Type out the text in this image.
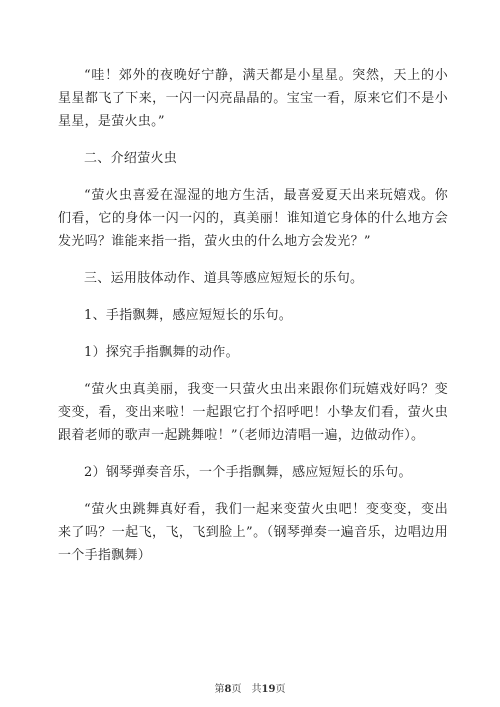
“哇！郊外的夜晚好宁静，满天都是小星星。突然，天上的小星星都飞了下来，一闪一闪亮晶晶的。宝宝一看，原来它们不是小星星，是萤火虫。”

二、介绍萤火虫

“萤火虫喜爱在湿湿的地方生活，最喜爱夏天出来玩嬉戏。你们看，它的身体一闪一闪的，真美丽！谁知道它身体的什么地方会发光吗？谁能来指一指，萤火虫的什么地方会发光？”

三、运用肢体动作、道具等感应短短长的乐句。

1、手指飘舞，感应短短长的乐句。

1）探究手指飘舞的动作。

“萤火虫真美丽，我变一只萤火虫出来跟你们玩嬉戏好吗？变变变，看，变出来啦！一起跟它打个招呼吧！小挚友们看，萤火虫跟着老师的歌声一起跳舞啦！”（老师边清唱一遍，边做动作）。

2）钢琴弹奏音乐，一个手指飘舞，感应短短长的乐句。

“萤火虫跳舞真好看，我们一起来变萤火虫吧！变变变，变出来了吗？一起飞，飞，飞到脸上”。（钢琴弹奏一遍音乐，边唱边用一个手指飘舞）

第8页 共19页
